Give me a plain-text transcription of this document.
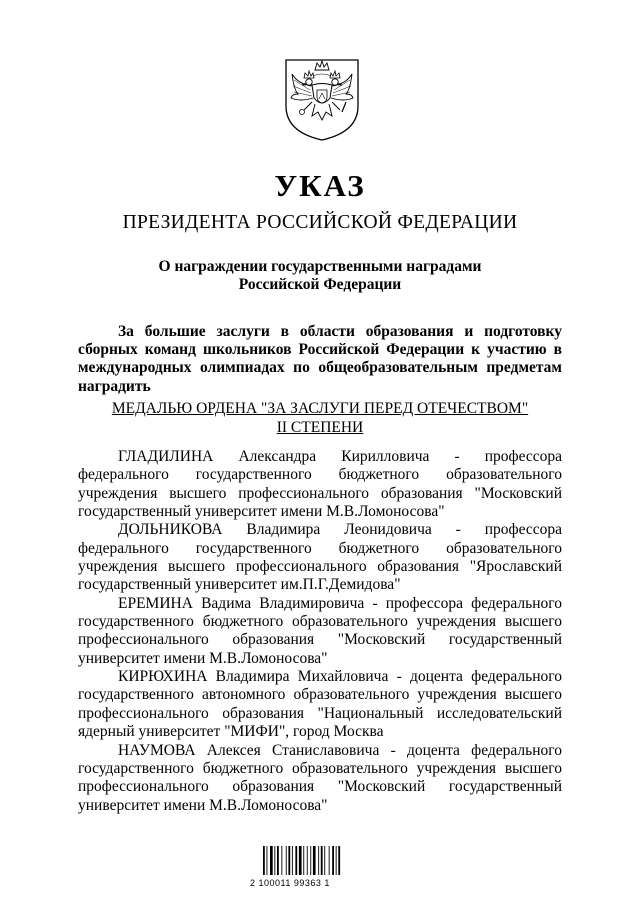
УКАЗ
ПРЕЗИДЕНТА РОССИЙСКОЙ ФЕДЕРАЦИИ
О награждении государственными наградами
Российской Федерации
За большие заслуги в области образования и подготовку сборных команд школьников Российской Федерации к участию в международных олимпиадах по общеобразовательным предметам наградить
МЕДАЛЬЮ ОРДЕНА "ЗА ЗАСЛУГИ ПЕРЕД ОТЕЧЕСТВОМ"
II СТЕПЕНИ

ГЛАДИЛИНА Александра Кирилловича - профессора федерального государственного бюджетного образовательного учреждения высшего профессионального образования "Московский государственный университет имени М.В.Ломоносова"

ДОЛЬНИКОВА Владимира Леонидовича - профессора федерального государственного бюджетного образовательного учреждения высшего профессионального образования "Ярославский государственный университет им.П.Г.Демидова"

ЕРЕМИНА Вадима Владимировича - профессора федерального государственного бюджетного образовательного учреждения высшего профессионального образования "Московский государственный университет имени М.В.Ломоносова"

КИРЮХИНА Владимира Михайловича - доцента федерального государственного автономного образовательного учреждения высшего профессионального образования "Национальный исследовательский ядерный университет "МИФИ", город Москва

НАУМОВА Алексея Станиславовича - доцента федерального государственного бюджетного образовательного учреждения высшего профессионального образования "Московский государственный университет имени М.В.Ломоносова"

2 100011 99363 1
